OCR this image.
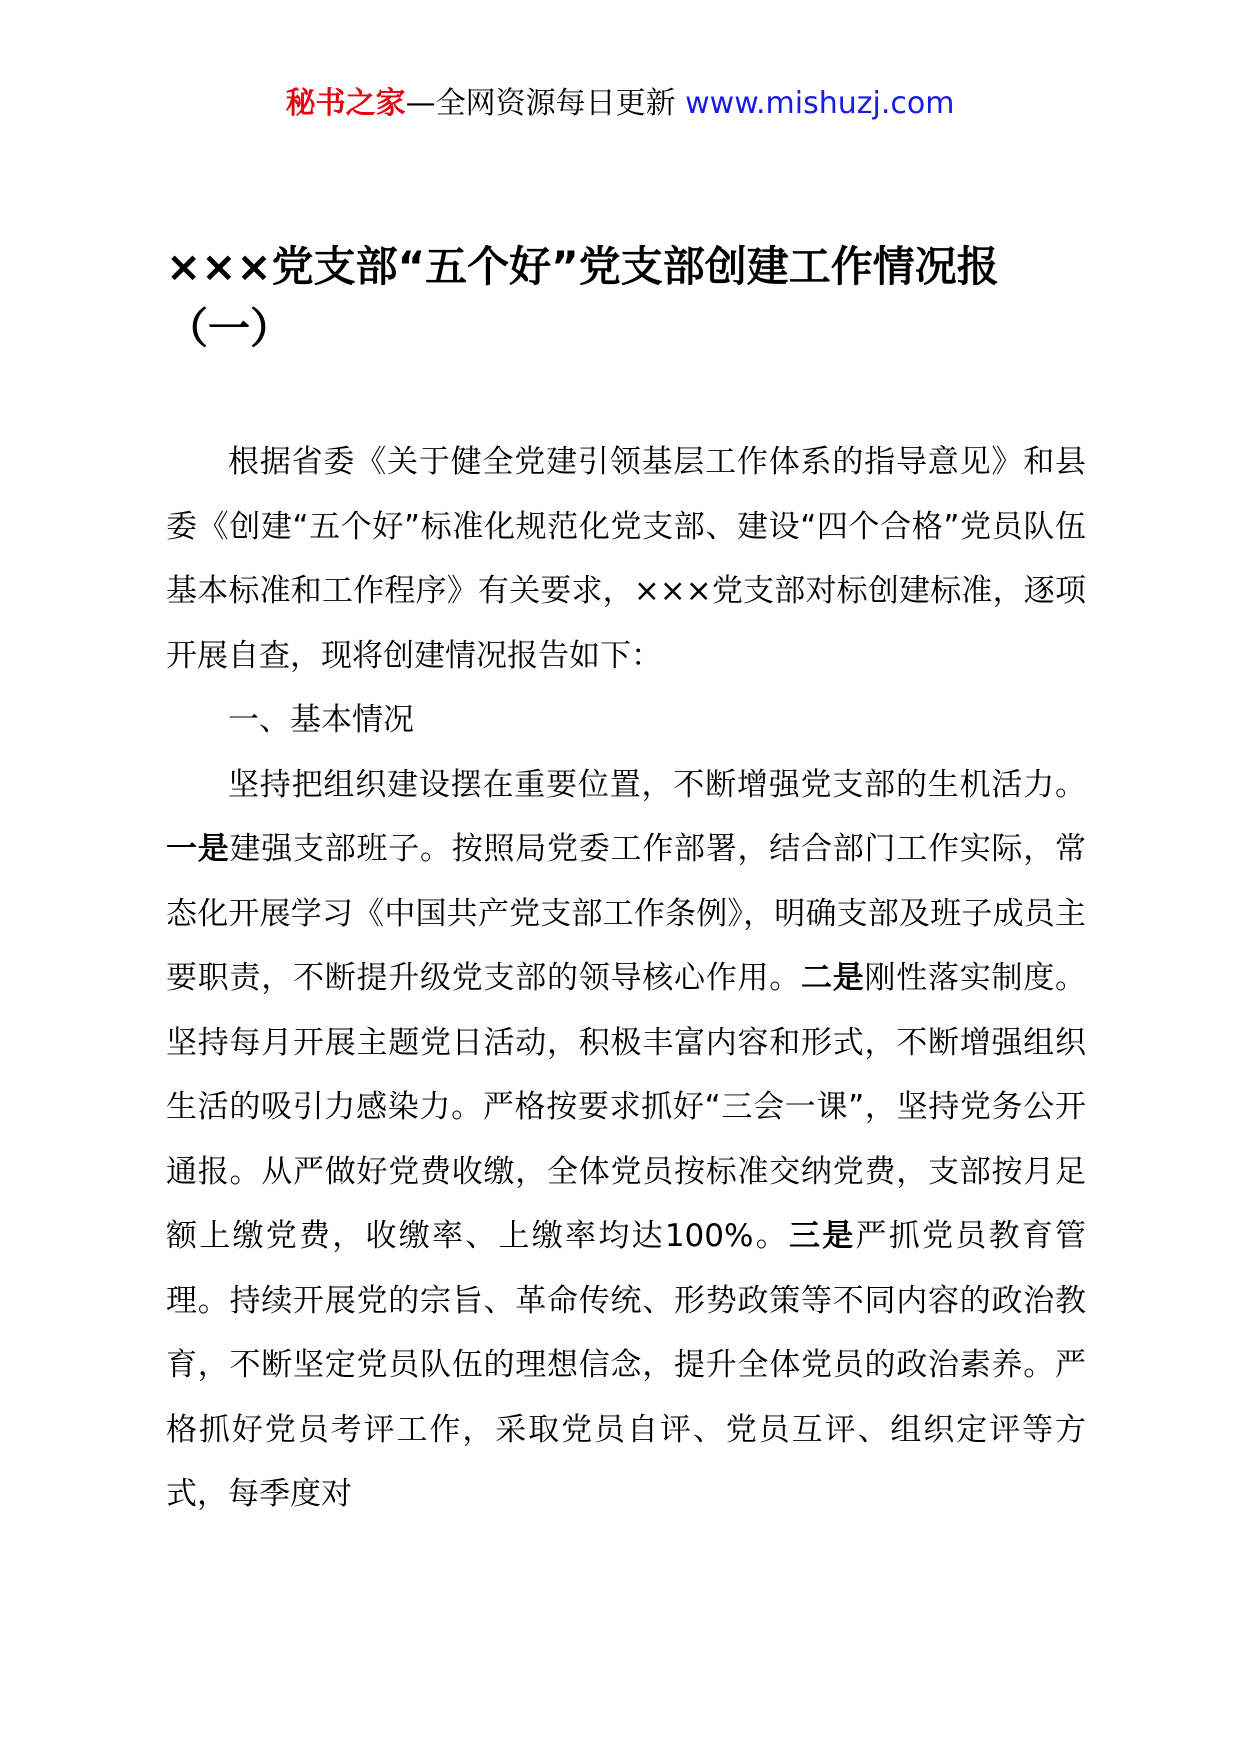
秘书之家—全网资源每日更新 www.mishuzj.com
×××党支部“五个好”党支部创建工作情况报（一）

根据省委《关于健全党建引领基层工作体系的指导意见》和县委《创建“五个好”标准化规范化党支部、建设“四个合格”党员队伍基本标准和工作程序》有关要求，×××党支部对标创建标准，逐项开展自查，现将创建情况报告如下：

一、基本情况

坚持把组织建设摆在重要位置，不断增强党支部的生机活力。一是建强支部班子。按照局党委工作部署，结合部门工作实际，常态化开展学习《中国共产党支部工作条例》，明确支部及班子成员主要职责，不断提升级党支部的领导核心作用。二是刚性落实制度。坚持每月开展主题党日活动，积极丰富内容和形式，不断增强组织生活的吸引力感染力。严格按要求抓好“三会一课”，坚持党务公开通报。从严做好党费收缴，全体党员按标准交纳党费，支部按月足额上缴党费，收缴率、上缴率均达100%。三是严抓党员教育管理。持续开展党的宗旨、革命传统、形势政策等不同内容的政治教育，不断坚定党员队伍的理想信念，提升全体党员的政治素养。严格抓好党员考评工作，采取党员自评、党员互评、组织定评等方式，每季度对
